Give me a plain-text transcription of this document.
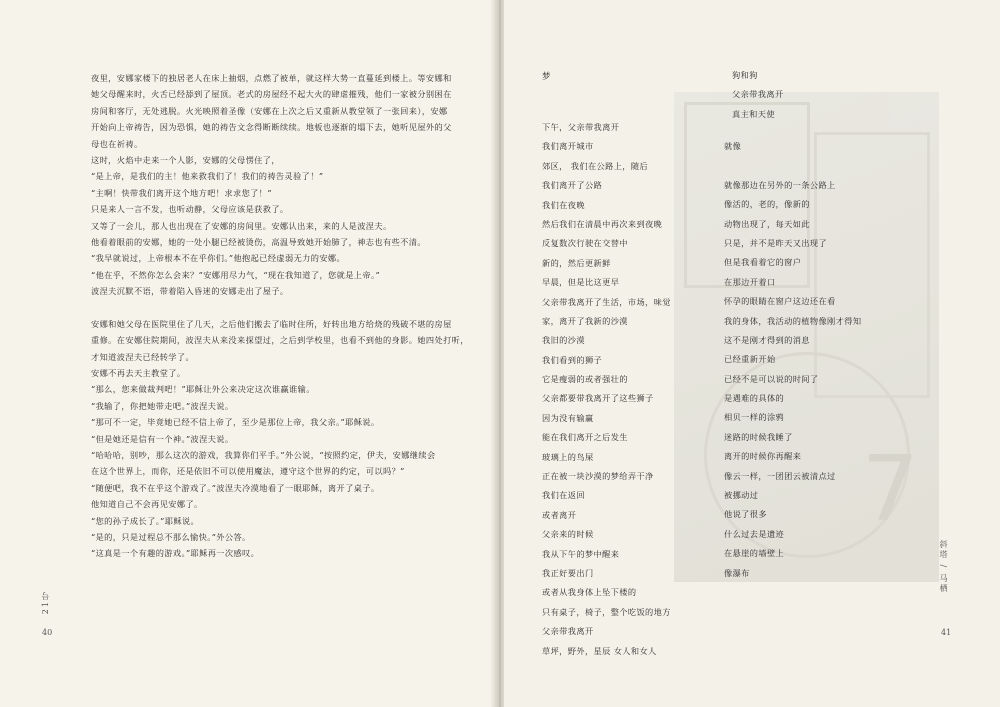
夜里，安娜家楼下的独居老人在床上抽烟，点燃了被单，就这样大势一直蔓延到楼上。等安娜和

她父母醒来时，火舌已经舔到了屋顶。老式的房屋经不起大火的肆虐摧残，他们一家被分别困在

房间和客厅，无处逃脱。火光映照着圣像（安娜在上次之后又重新从教堂领了一张回来），安娜

开始向上帝祷告，因为恐惧，她的祷告文念得断断续续。地板也逐渐的塌下去，她听见屋外的父

母也在祈祷。

这时，火焰中走来一个人影，安娜的父母愣住了，

“是上帝，是我们的主！他来救我们了！我们的祷告灵验了！”

“主啊！快带我们离开这个地方吧！求求您了！”

只是来人一言不发，也听动静，父母应该是获救了。

又等了一会儿，那人也出现在了安娜的房间里。安娜认出来，来的人是波涅夫。

他看着眼前的安娜，她的一处小腿已经被烫伤，高温导致她开始肺了，神志也有些不清。

“我早就说过，上帝根本不在乎你们。”他抱起已经虚弱无力的安娜。

“他在乎，不然你怎么会来？”安娜用尽力气，“现在我知道了，您就是上帝。”

波涅夫沉默不语，带着陷入昏迷的安娜走出了屋子。

安娜和她父母在医院里住了几天，之后他们搬去了临时住所，好转出地方给烧的残破不堪的房屋

重修。在安娜住院期间，波涅夫从来没来探望过，之后到学校里，也看不到他的身影。她四处打听，

才知道波涅夫已经转学了。

安娜不再去天主教堂了。

“那么，您来做裁判吧！”耶稣让外公来决定这次谁赢谁输。

“我输了，你把她带走吧。”波涅夫说。

“那可不一定，毕竟她已经不信上帝了，至少是那位上帝，我父亲。”耶稣说。

“但是她还是信有一个神。”波涅夫说。

“哈哈哈，别吵，那么这次的游戏，我算你们平手。”外公说，“按照约定，伊夫，安娜继续会

在这个世界上，而你，还是依旧不可以使用魔法，遵守这个世界的约定，可以吗？”

“随便吧，我不在乎这个游戏了。”波涅夫冷漠地看了一眼耶稣，离开了桌子。

他知道自己不会再见安娜了。

“您的孙子成长了。”耶稣说。

“是的，只是过程总不那么愉快。”外公答。

“这真是一个有趣的游戏。”耶稣再一次感叹。

21号
40
7
梦
下午，父亲带我离开
我们离开城市
郊区， 我们在公路上，随后
我们离开了公路
我们在夜晚
然后我们在清晨中再次来到夜晚
反复数次行驶在交替中
新的，然后更新鲜
早晨，但是比这更早
父亲带我离开了生活，市场，味觉
家，离开了我新的沙漠
我旧的沙漠
我们看到的狮子
它是瘦弱的或者强壮的
父亲都要带我离开了这些狮子
因为没有输赢
能在我们离开之后发生
玻璃上的鸟屎
正在被一块沙漠的梦给弄干净
我们在返回
或者离开
父亲来的时候
我从下午的梦中醒来
我正好要出门
或者从我身体上坠下楼的
只有桌子，椅子，整个吃饭的地方
父亲带我离开
草坪，野外，星辰 女人和女人
狗和狗
父亲带我离开
真主和天使
就像
就像那边在另外的一条公路上
像活的，老的，像新的
动物出现了，每天如此
只是，并不是昨天又出现了
但是我看着它的窗户
在那边开着口
怀孕的眼睛在窗户这边还在看
我的身体，我活动的植物像刚才得知
这不是刚才得到的消息
已经重新开始
已经不是可以说的时间了
是遇难的具体的
相贝一样的涂鸦
迷路的时候我睡了
离开的时候你再醒来
像云一样，一团团云被清点过
被挪动过
他说了很多
什么过去是遗迹
在悬崖的墙壁上
像瀑布	斜塔 / 马栖
41
